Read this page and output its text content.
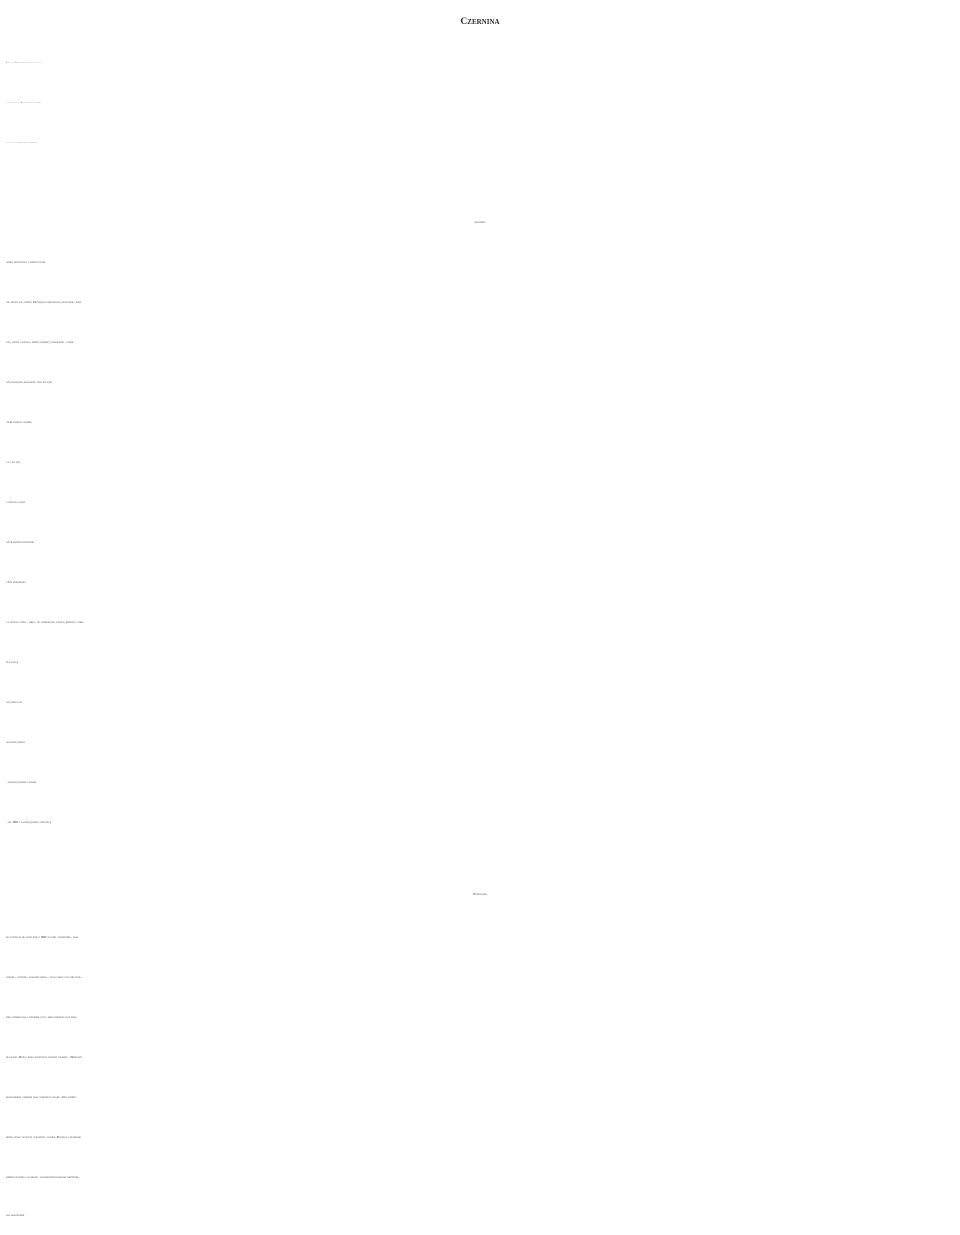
Czernina

Znana na całym Pomorzu sztandarowa zupa z kaczej krwi, zwa-

na też czarną polewką, na Kujawach przyrządzana na słodko-

-kwaśno, z wyraźnym aromatem ziół i suszu owocowego.

składniki:

-krew spuszczona z jednej kaczki

-do smaku sól, pieprz, Przyprawa uniwersalna kucharek., ziele

ang, listek laurowy, pieprz ziarnisty, majeranek , cząbr

-2 opakowania makaronu typu kogucik

-5-6 zabków czosnku

-1 cały por

-1,3 litra wody

-2-3 korzeni pietruszki

-3-5 marchewka

-1 czubata łyżka , mąki , do wymieszania z krwia (pszenna i zmie-

niaczana)

-2 łyżki octu

-kawałek selera

- suszone gruszki i śliwki

- ok. 300 g kaczki (według uznania)

Wykonanie:

do gotującej się wody dodać 300g kaczki , pietruszkę , mak-

chewkę , czosnek , kawałek selera , dolać krew z kaczki wcze-

śniej wymieszaną z odrobiną octu i mąki pszennej oraz ziem-

niaczanej. Dodać kilka suszonych gruszek i śliwek, . Doprawić

majerankiem, cząbrem oraz cukrem do smaku. Jeśli lubimy,

można dodać szczyptę cynamonu i wanilii. Podawać z kluskami

ziemniaczanymi, łazankami , kładzionymi kluskami pszennymi ,

lub makaronem .
